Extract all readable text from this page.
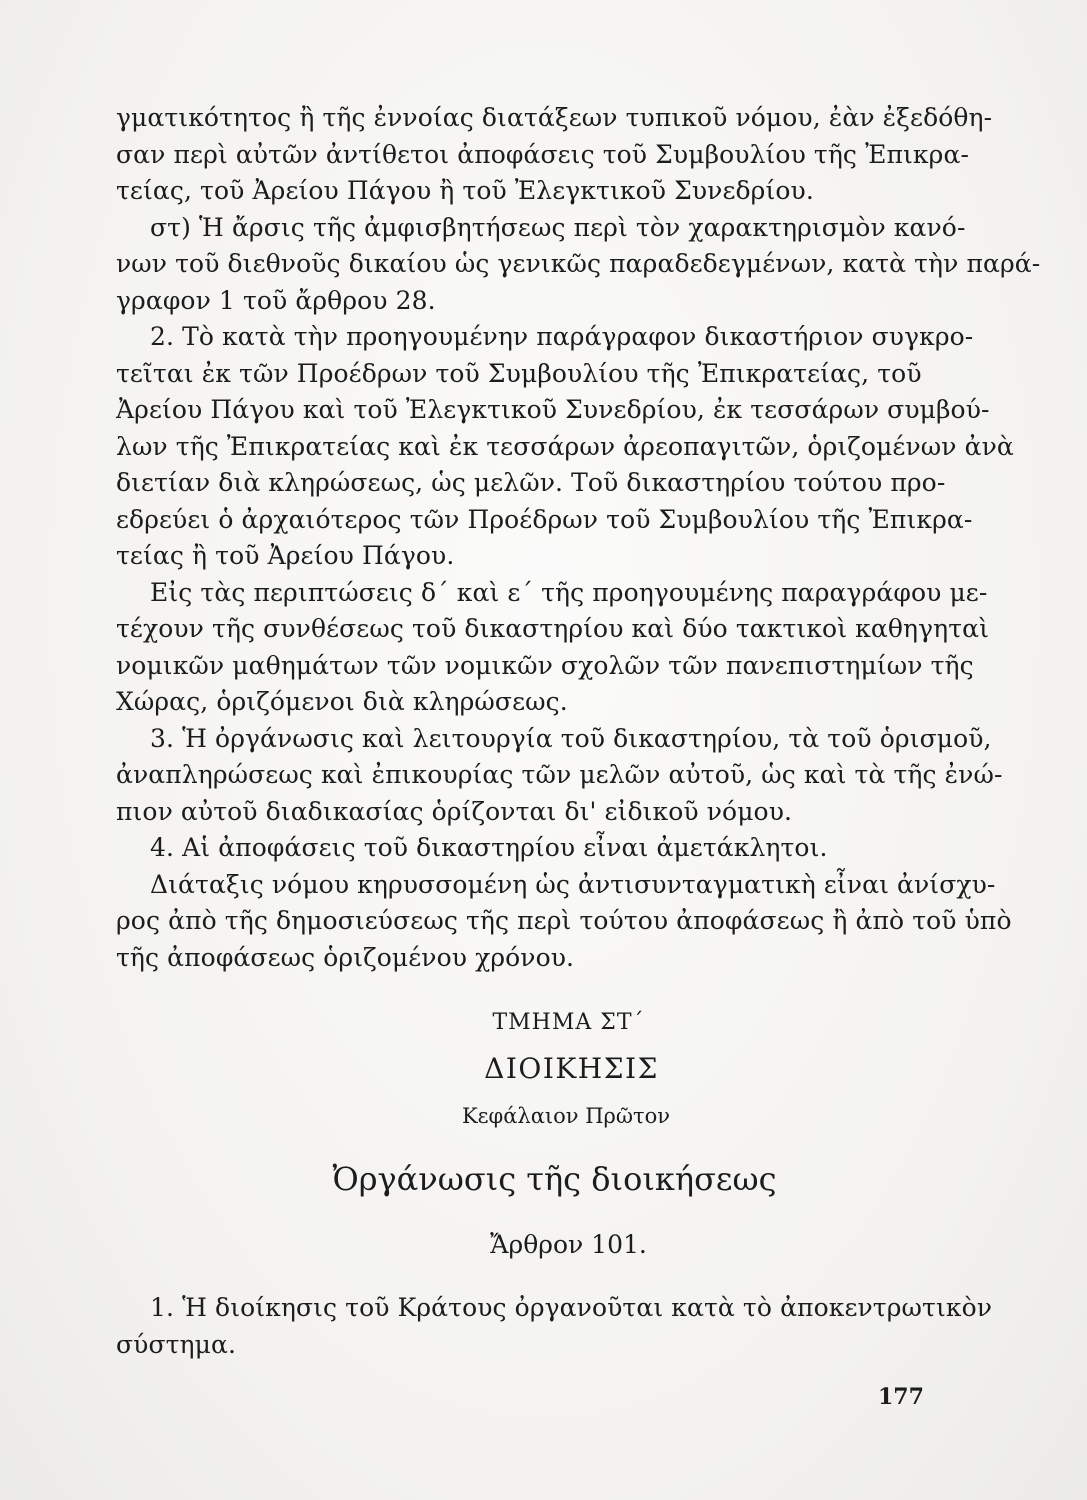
γματικότητος ἢ τῆς ἐννοίας διατάξεων τυπικοῦ νόμου, ἐὰν ἐξεδόθη-
σαν περὶ αὐτῶν ἀντίθετοι ἀποφάσεις τοῦ Συμβουλίου τῆς Ἐπικρα-
τείας, τοῦ Ἀρείου Πάγου ἢ τοῦ Ἐλεγκτικοῦ Συνεδρίου.
στ) Ἡ ἄρσις τῆς ἀμφισβητήσεως περὶ τὸν χαρακτηρισμὸν κανό-
νων τοῦ διεθνοῦς δικαίου ὡς γενικῶς παραδεδεγμένων, κατὰ τὴν παρά-
γραφον 1 τοῦ ἄρθρου 28.
2. Τὸ κατὰ τὴν προηγουμένην παράγραφον δικαστήριον συγκρο-
τεῖται ἐκ τῶν Προέδρων τοῦ Συμβουλίου τῆς Ἐπικρατείας, τοῦ
Ἀρείου Πάγου καὶ τοῦ Ἐλεγκτικοῦ Συνεδρίου, ἐκ τεσσάρων συμβού-
λων τῆς Ἐπικρατείας καὶ ἐκ τεσσάρων ἀρεοπαγιτῶν, ὁριζομένων ἀνὰ
διετίαν διὰ κληρώσεως, ὡς μελῶν. Τοῦ δικαστηρίου τούτου προ-
εδρεύει ὁ ἀρχαιότερος τῶν Προέδρων τοῦ Συμβουλίου τῆς Ἐπικρα-
τείας ἢ τοῦ Ἀρείου Πάγου.
Εἰς τὰς περιπτώσεις δ΄ καὶ ε΄ τῆς προηγουμένης παραγράφου με-
τέχουν τῆς συνθέσεως τοῦ δικαστηρίου καὶ δύο τακτικοὶ καθηγηταὶ
νομικῶν μαθημάτων τῶν νομικῶν σχολῶν τῶν πανεπιστημίων τῆς
Χώρας, ὁριζόμενοι διὰ κληρώσεως.
3. Ἡ ὀργάνωσις καὶ λειτουργία τοῦ δικαστηρίου, τὰ τοῦ ὁρισμοῦ,
ἀναπληρώσεως καὶ ἐπικουρίας τῶν μελῶν αὐτοῦ, ὡς καὶ τὰ τῆς ἐνώ-
πιον αὐτοῦ διαδικασίας ὁρίζονται δι' εἰδικοῦ νόμου.
4. Αἱ ἀποφάσεις τοῦ δικαστηρίου εἶναι ἀμετάκλητοι.
Διάταξις νόμου κηρυσσομένη ὡς ἀντισυνταγματικὴ εἶναι ἀνίσχυ-
ρος ἀπὸ τῆς δημοσιεύσεως τῆς περὶ τούτου ἀποφάσεως ἢ ἀπὸ τοῦ ὑπὸ
τῆς ἀποφάσεως ὁριζομένου χρόνου.
ΤΜΗΜΑ ΣΤ΄
ΔΙΟΙΚΗΣΙΣ
Κεφάλαιον Πρῶτον
Ὀργάνωσις τῆς διοικήσεως
Ἄρθρον 101.
1. Ἡ διοίκησις τοῦ Κράτους ὀργανοῦται κατὰ τὸ ἀποκεντρωτικὸν
σύστημα.
177
